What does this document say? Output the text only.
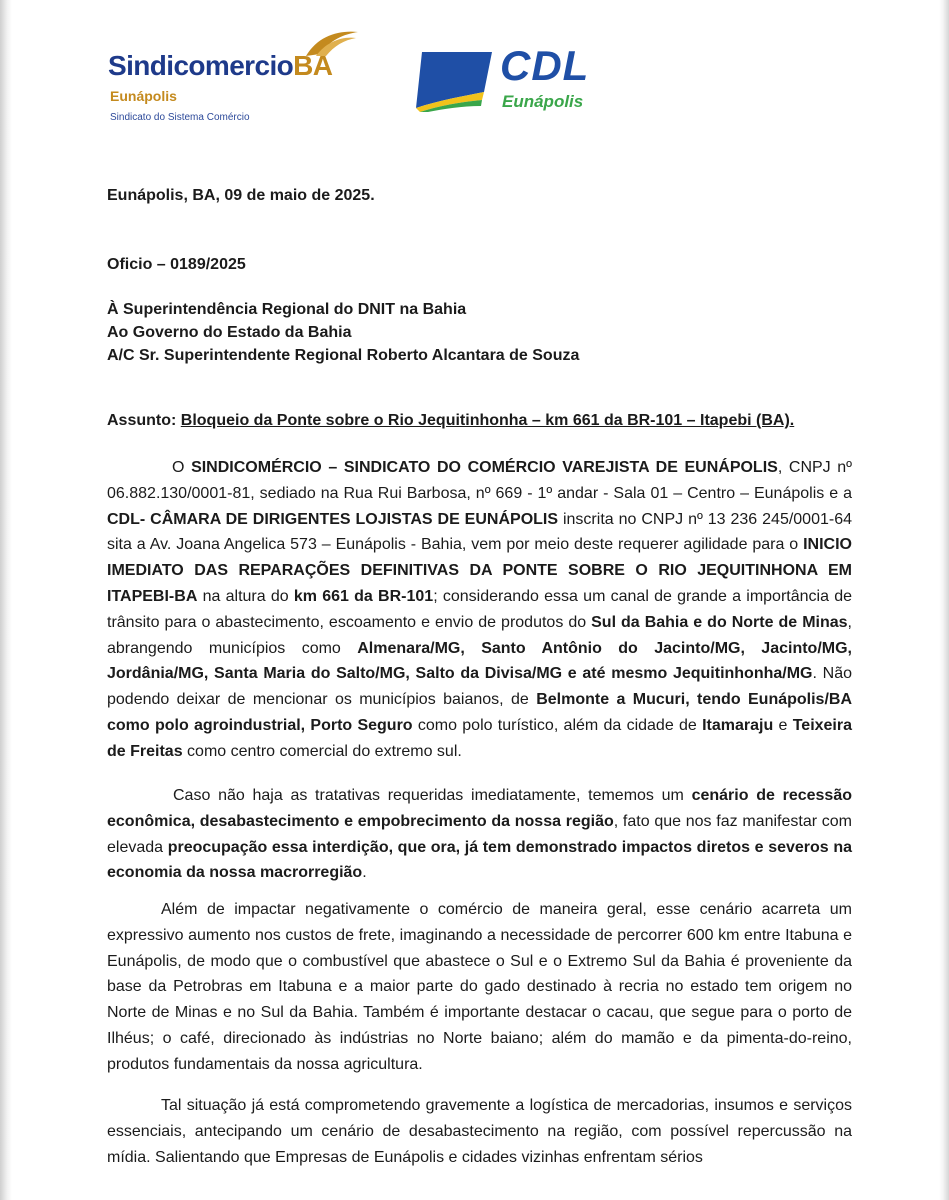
SindicomercioBA
Eunápolis
Sindicato do Sistema Comércio
CDL
Eunápolis
Eunápolis, BA, 09 de maio de 2025.
Oficio – 0189/2025
À Superintendência Regional do DNIT na Bahia
Ao Governo do Estado da Bahia
A/C Sr. Superintendente Regional Roberto Alcantara de Souza
Assunto: Bloqueio da Ponte sobre o Rio Jequitinhonha – km 661 da BR-101 – Itapebi (BA).

O SINDICOMÉRCIO – SINDICATO DO COMÉRCIO VAREJISTA DE EUNÁPOLIS, CNPJ nº 06.882.130/0001-81, sediado na Rua Rui Barbosa, nº 669 - 1º andar - Sala 01 – Centro – Eunápolis e a CDL- CÂMARA DE DIRIGENTES LOJISTAS DE EUNÁPOLIS inscrita no CNPJ nº 13 236 245/0001-64 sita a Av. Joana Angelica 573 – Eunápolis - Bahia, vem por meio deste requerer agilidade para o INICIO IMEDIATO DAS REPARAÇÕES DEFINITIVAS DA PONTE SOBRE O RIO JEQUITINHONA EM ITAPEBI-BA na altura do km 661 da BR-101; considerando essa um canal de grande a importância de trânsito para o abastecimento, escoamento e envio de produtos do Sul da Bahia e do Norte de Minas, abrangendo municípios como Almenara/MG, Santo Antônio do Jacinto/MG, Jacinto/MG, Jordânia/MG, Santa Maria do Salto/MG, Salto da Divisa/MG e até mesmo Jequitinhonha/MG. Não podendo deixar de mencionar os municípios baianos, de Belmonte a Mucuri, tendo Eunápolis/BA como polo agroindustrial, Porto Seguro como polo turístico, além da cidade de Itamaraju e Teixeira de Freitas como centro comercial do extremo sul.

Caso não haja as tratativas requeridas imediatamente, tememos um cenário de recessão econômica, desabastecimento e empobrecimento da nossa região, fato que nos faz manifestar com elevada preocupação essa interdição, que ora, já tem demonstrado impactos diretos e severos na economia da nossa macrorregião.

Além de impactar negativamente o comércio de maneira geral, esse cenário acarreta um expressivo aumento nos custos de frete, imaginando a necessidade de percorrer 600 km entre Itabuna e Eunápolis, de modo que o combustível que abastece o Sul e o Extremo Sul da Bahia é proveniente da base da Petrobras em Itabuna e a maior parte do gado destinado à recria no estado tem origem no Norte de Minas e no Sul da Bahia. Também é importante destacar o cacau, que segue para o porto de Ilhéus; o café, direcionado às indústrias no Norte baiano; além do mamão e da pimenta-do-reino, produtos fundamentais da nossa agricultura.

Tal situação já está comprometendo gravemente a logística de mercadorias, insumos e serviços essenciais, antecipando um cenário de desabastecimento na região, com possível repercussão na mídia. Salientando que Empresas de Eunápolis e cidades vizinhas enfrentam sérios
